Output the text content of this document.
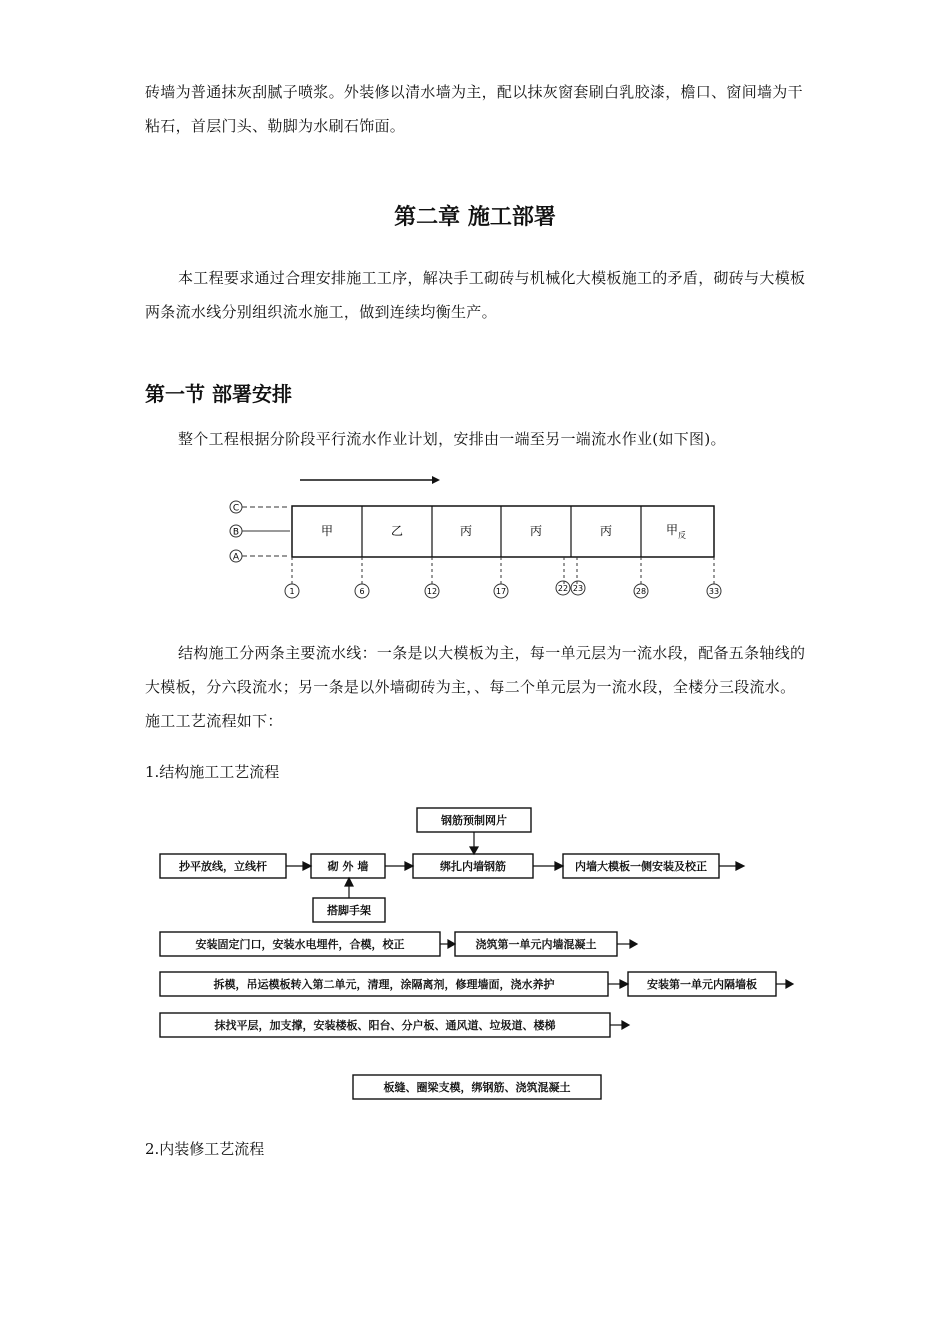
砖墙为普通抹灰刮腻子喷浆。外装修以清水墙为主，配以抹灰窗套刷白乳胶漆，檐口、窗间墙为干粘石，首层门头、勒脚为水刷石饰面。

第二章 施工部署

本工程要求通过合理安排施工工序，解决手工砌砖与机械化大模板施工的矛盾，砌砖与大模板两条流水线分别组织流水施工，做到连续均衡生产。

第一节 部署安排

整个工程根据分阶段平行流水作业计划，安排由一端至另一端流水作业(如下图)。

C
B
A
甲	乙	丙	丙	丙	甲$_反$
1	6	12	17	22 23	28	33

结构施工分两条主要流水线：一条是以大模板为主，每一单元层为一流水段，配备五条轴线的大模板，分六段流水；另一条是以外墙砌砖为主，、每二个单元层为一流水段，全楼分三段流水。施工工艺流程如下：

1.结构施工工艺流程

钢筋预制网片
抄平放线，立线杆	砌 外 墙	绑扎内墙钢筋	内墙大模板一侧安装及校正
搭脚手架
安装固定门口，安装水电埋件，合模，校正	浇筑第一单元内墙混凝土
拆模，吊运模板转入第二单元，清理，涂隔离剂，修理墙面，浇水养护	安装第一单元内隔墙板
抹找平层，加支撑，安装楼板、阳台、分户板、通风道、垃圾道、楼梯
板缝、圈梁支模，绑钢筋、浇筑混凝土

2.内装修工艺流程
